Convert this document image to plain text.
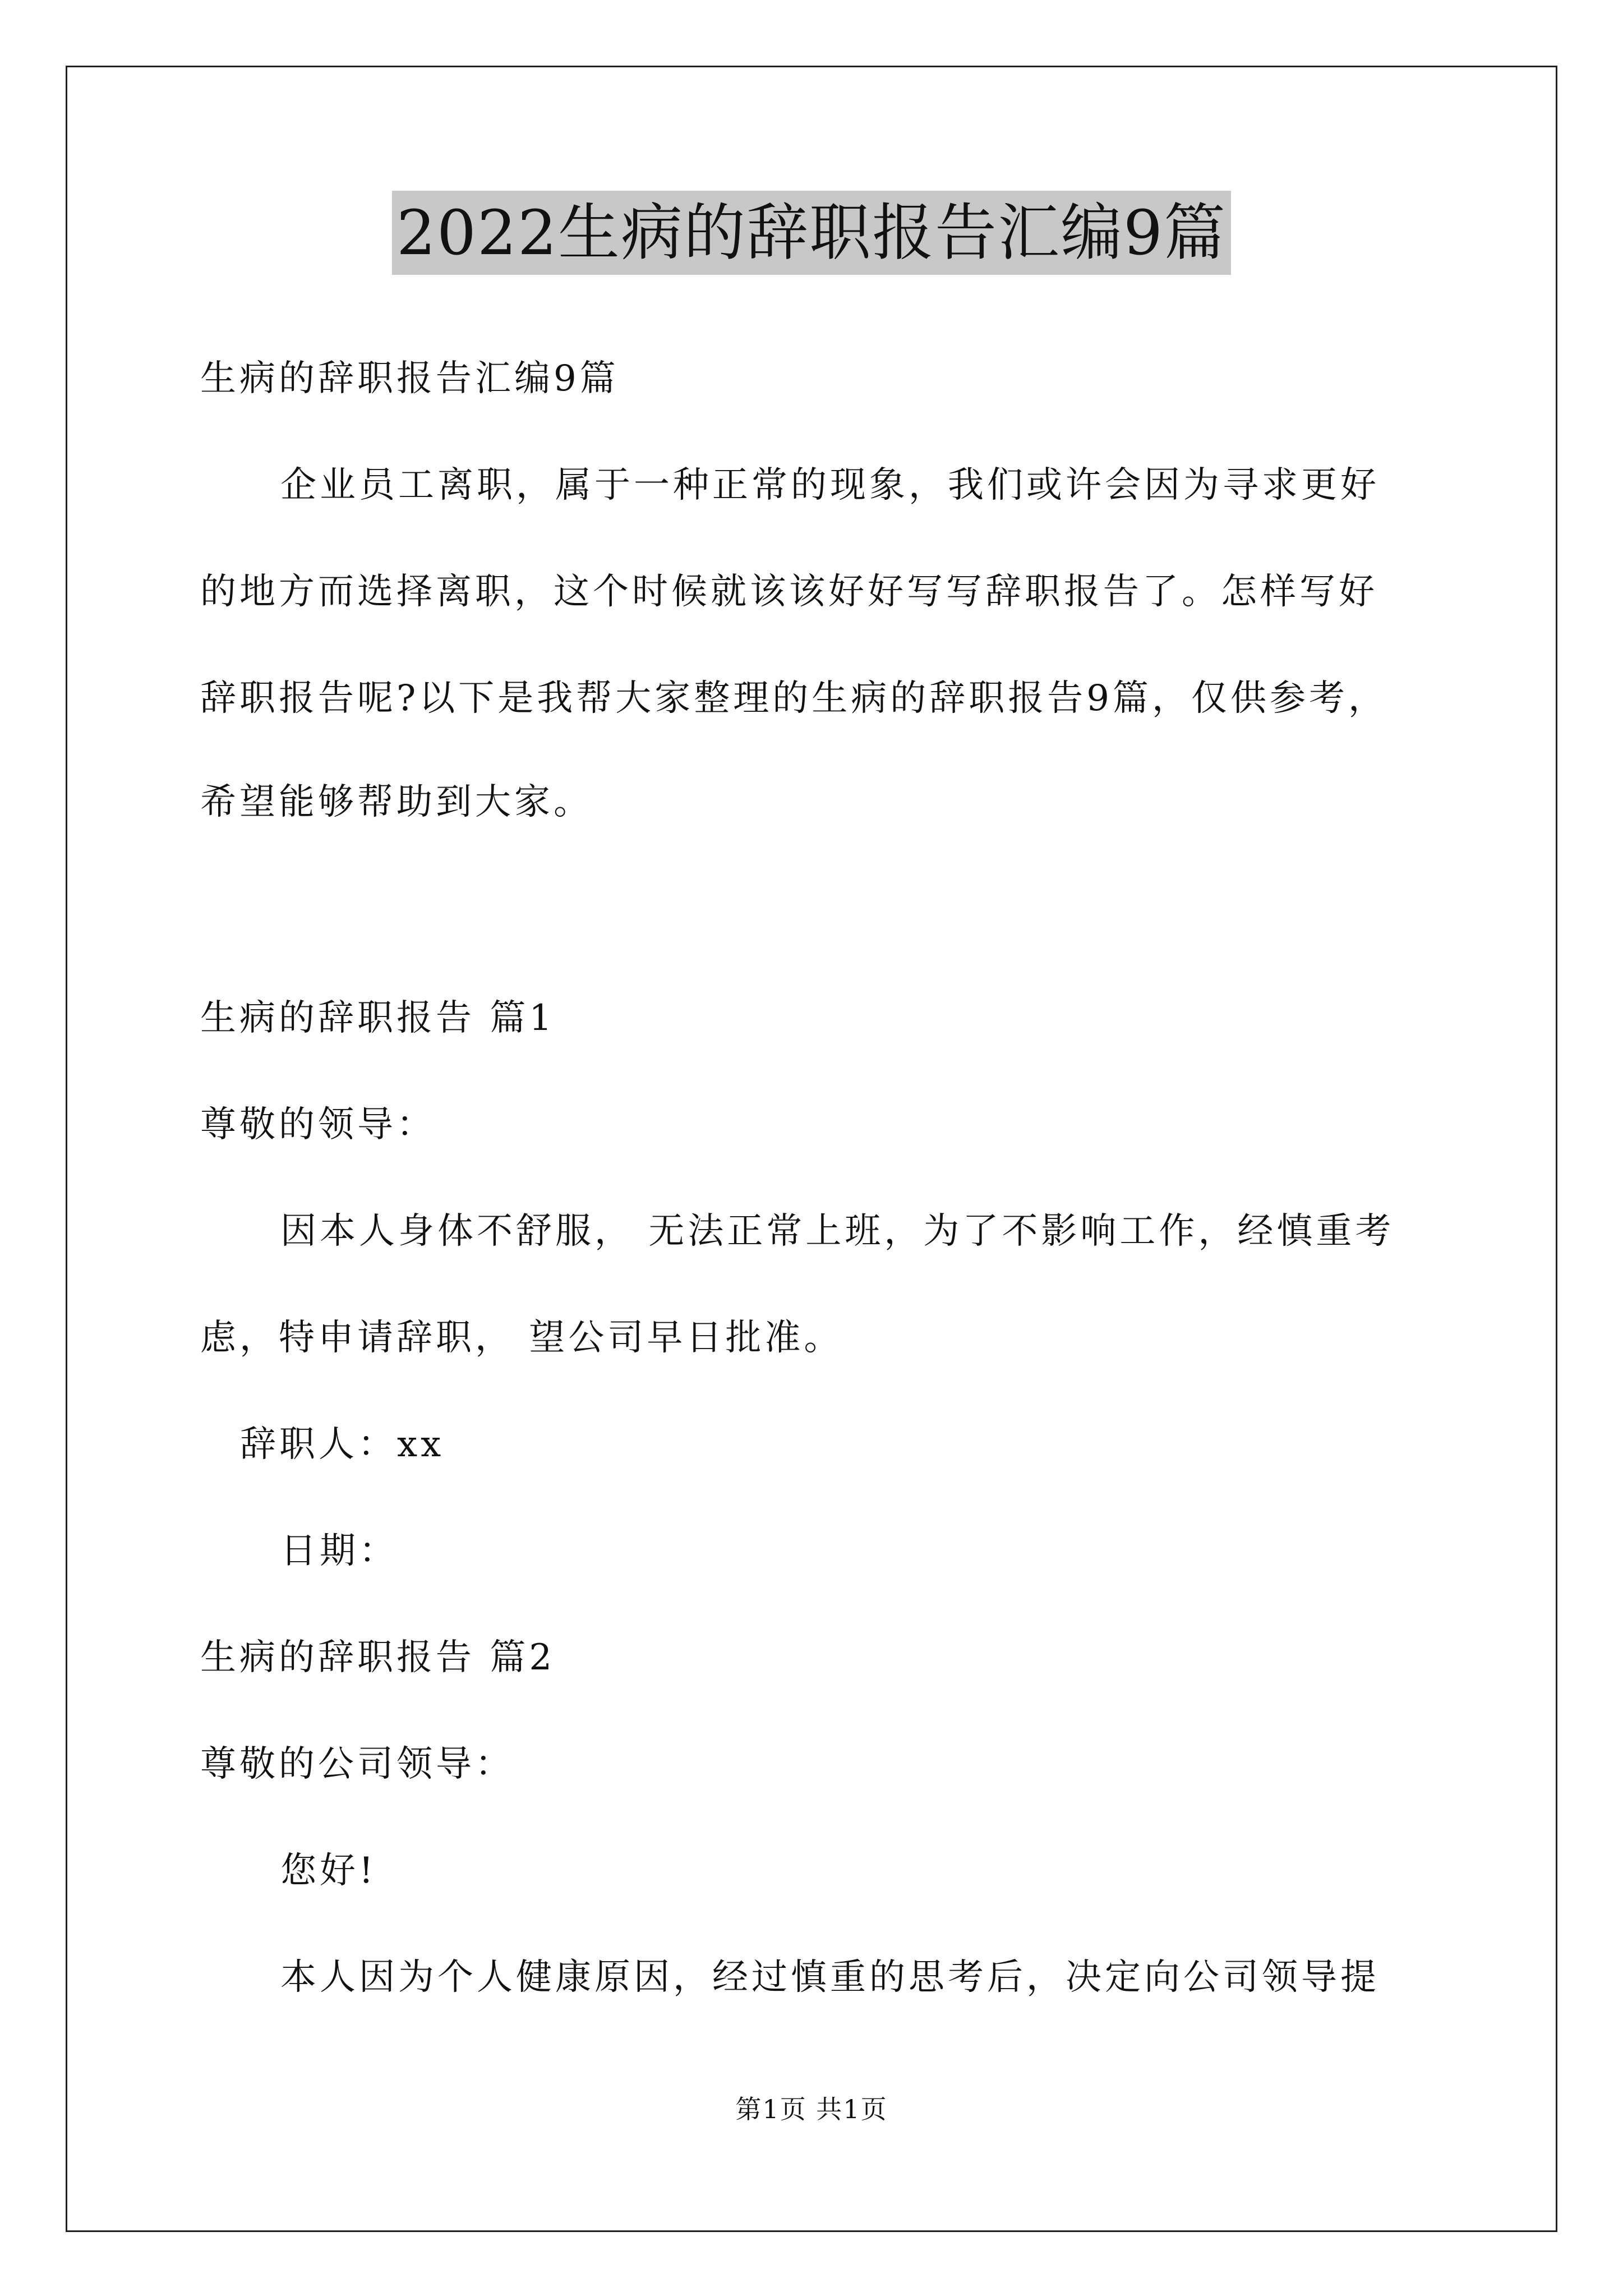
2022生病的辞职报告汇编9篇
生病的辞职报告汇编9篇
企业员工离职，属于一种正常的现象，我们或许会因为寻求更好
的地方而选择离职，这个时候就该该好好写写辞职报告了。怎样写好
辞职报告呢?以下是我帮大家整理的生病的辞职报告9篇，仅供参考，
希望能够帮助到大家。
生病的辞职报告 篇1
尊敬的领导：
因本人身体不舒服， 无法正常上班，为了不影响工作，经慎重考
虑，特申请辞职， 望公司早日批准。
辞职人：xx
日期：
生病的辞职报告 篇2
尊敬的公司领导：
您好!
本人因为个人健康原因，经过慎重的思考后，决定向公司领导提
第1页 共1页
